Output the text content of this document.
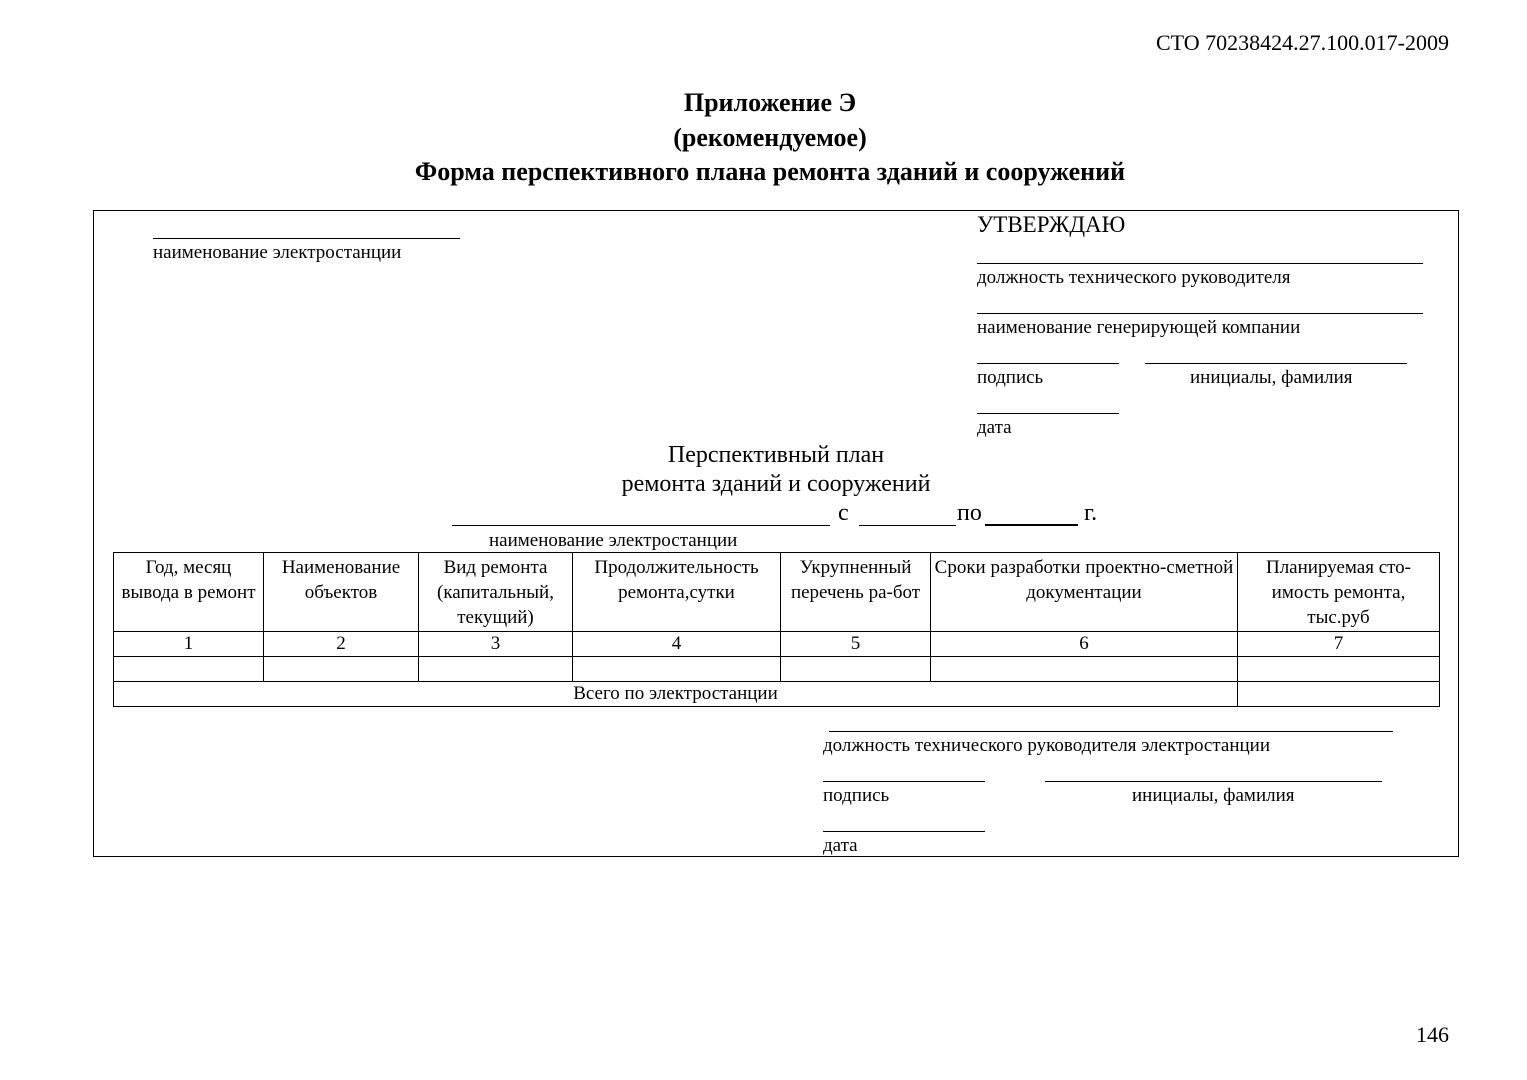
СТО 70238424.27.100.017-2009
Приложение Э
(рекомендуемое)
Форма перспективного плана ремонта зданий и сооружений
наименование электростанции
УТВЕРЖДАЮ
должность технического руководителя
наименование генерирующей компании
подпись	инициалы, фамилия
дата
Перспективный план
ремонта зданий и сооружений
с	по	г.
наименование электростанции
Год, месяц вывода в ремонт	Наименование объектов	Вид ремонта (капитальный, текущий)	Продолжительность ремонта,сутки	Укрупненный перечень ра-бот	Сроки разработки проектно-сметной документации	Планируемая сто-имость ремонта, тыс.руб
1	2	3	4	5	6	7

Всего по электростанции						
должность технического руководителя электростанции
подпись	инициалы, фамилия
дата
146
